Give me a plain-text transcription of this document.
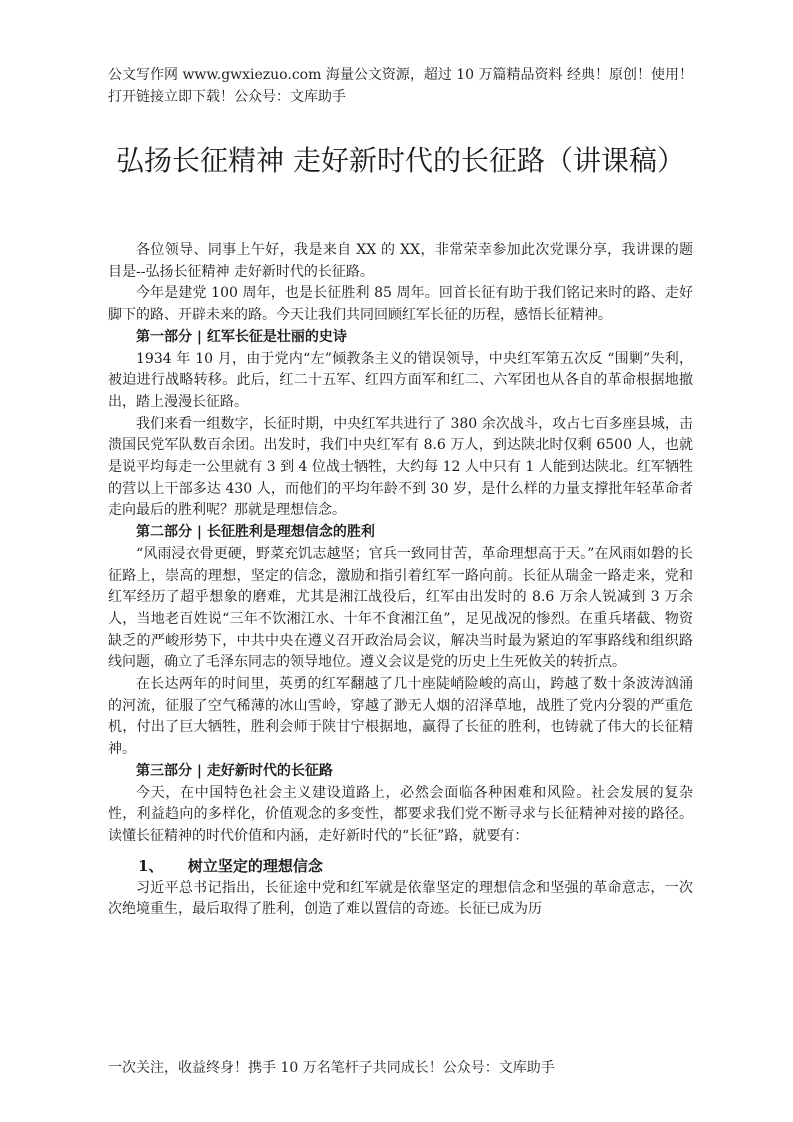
公文写作网 www.gwxiezuo.com 海量公文资源，超过 10 万篇精品资料 经典！原创！使用！打开链接立即下载！公众号：文库助手
弘扬长征精神 走好新时代的长征路（讲课稿）

各位领导、同事上午好，我是来自 XX 的 XX，非常荣幸参加此次党课分享，我讲课的题目是--弘扬长征精神 走好新时代的长征路。

今年是建党 100 周年，也是长征胜利 85 周年。回首长征有助于我们铭记来时的路、走好脚下的路、开辟未来的路。今天让我们共同回顾红军长征的历程，感悟长征精神。

第一部分 | 红军长征是壮丽的史诗

1934 年 10 月，由于党内“左”倾教条主义的错误领导，中央红军第五次反 “围剿”失利，被迫进行战略转移。此后，红二十五军、红四方面军和红二、六军团也从各自的革命根据地撤出，踏上漫漫长征路。

我们来看一组数字，长征时期，中央红军共进行了 380 余次战斗，攻占七百多座县城，击溃国民党军队数百余团。出发时，我们中央红军有 8.6 万人，到达陕北时仅剩 6500 人，也就是说平均每走一公里就有 3 到 4 位战士牺牲，大约每 12 人中只有 1 人能到达陕北。红军牺牲的营以上干部多达 430 人，而他们的平均年龄不到 30 岁，是什么样的力量支撑批年轻革命者走向最后的胜利呢？那就是理想信念。

第二部分 | 长征胜利是理想信念的胜利

“风雨浸衣骨更硬，野菜充饥志越坚；官兵一致同甘苦，革命理想高于天。”在风雨如磐的长征路上，崇高的理想，坚定的信念，激励和指引着红军一路向前。长征从瑞金一路走来，党和红军经历了超乎想象的磨难，尤其是湘江战役后，红军由出发时的 8.6 万余人锐减到 3 万余人，当地老百姓说“三年不饮湘江水、十年不食湘江鱼”，足见战况的惨烈。在重兵堵截、物资缺乏的严峻形势下，中共中央在遵义召开政治局会议，解决当时最为紧迫的军事路线和组织路线问题，确立了毛泽东同志的领导地位。遵义会议是党的历史上生死攸关的转折点。

在长达两年的时间里，英勇的红军翻越了几十座陡峭险峻的高山，跨越了数十条波涛汹涌的河流，征服了空气稀薄的冰山雪岭，穿越了渺无人烟的沼泽草地，战胜了党内分裂的严重危机，付出了巨大牺牲，胜利会师于陕甘宁根据地，赢得了长征的胜利，也铸就了伟大的长征精神。

第三部分 | 走好新时代的长征路

今天，在中国特色社会主义建设道路上，必然会面临各种困难和风险。社会发展的复杂性，利益趋向的多样化，价值观念的多变性，都要求我们党不断寻求与长征精神对接的路径。读懂长征精神的时代价值和内涵，走好新时代的“长征”路，就要有：

1、 树立坚定的理想信念

习近平总书记指出，长征途中党和红军就是依靠坚定的理想信念和坚强的革命意志，一次次绝境重生，最后取得了胜利，创造了难以置信的奇迹。长征已成为历

一次关注，收益终身！携手 10 万名笔杆子共同成长！公众号：文库助手
